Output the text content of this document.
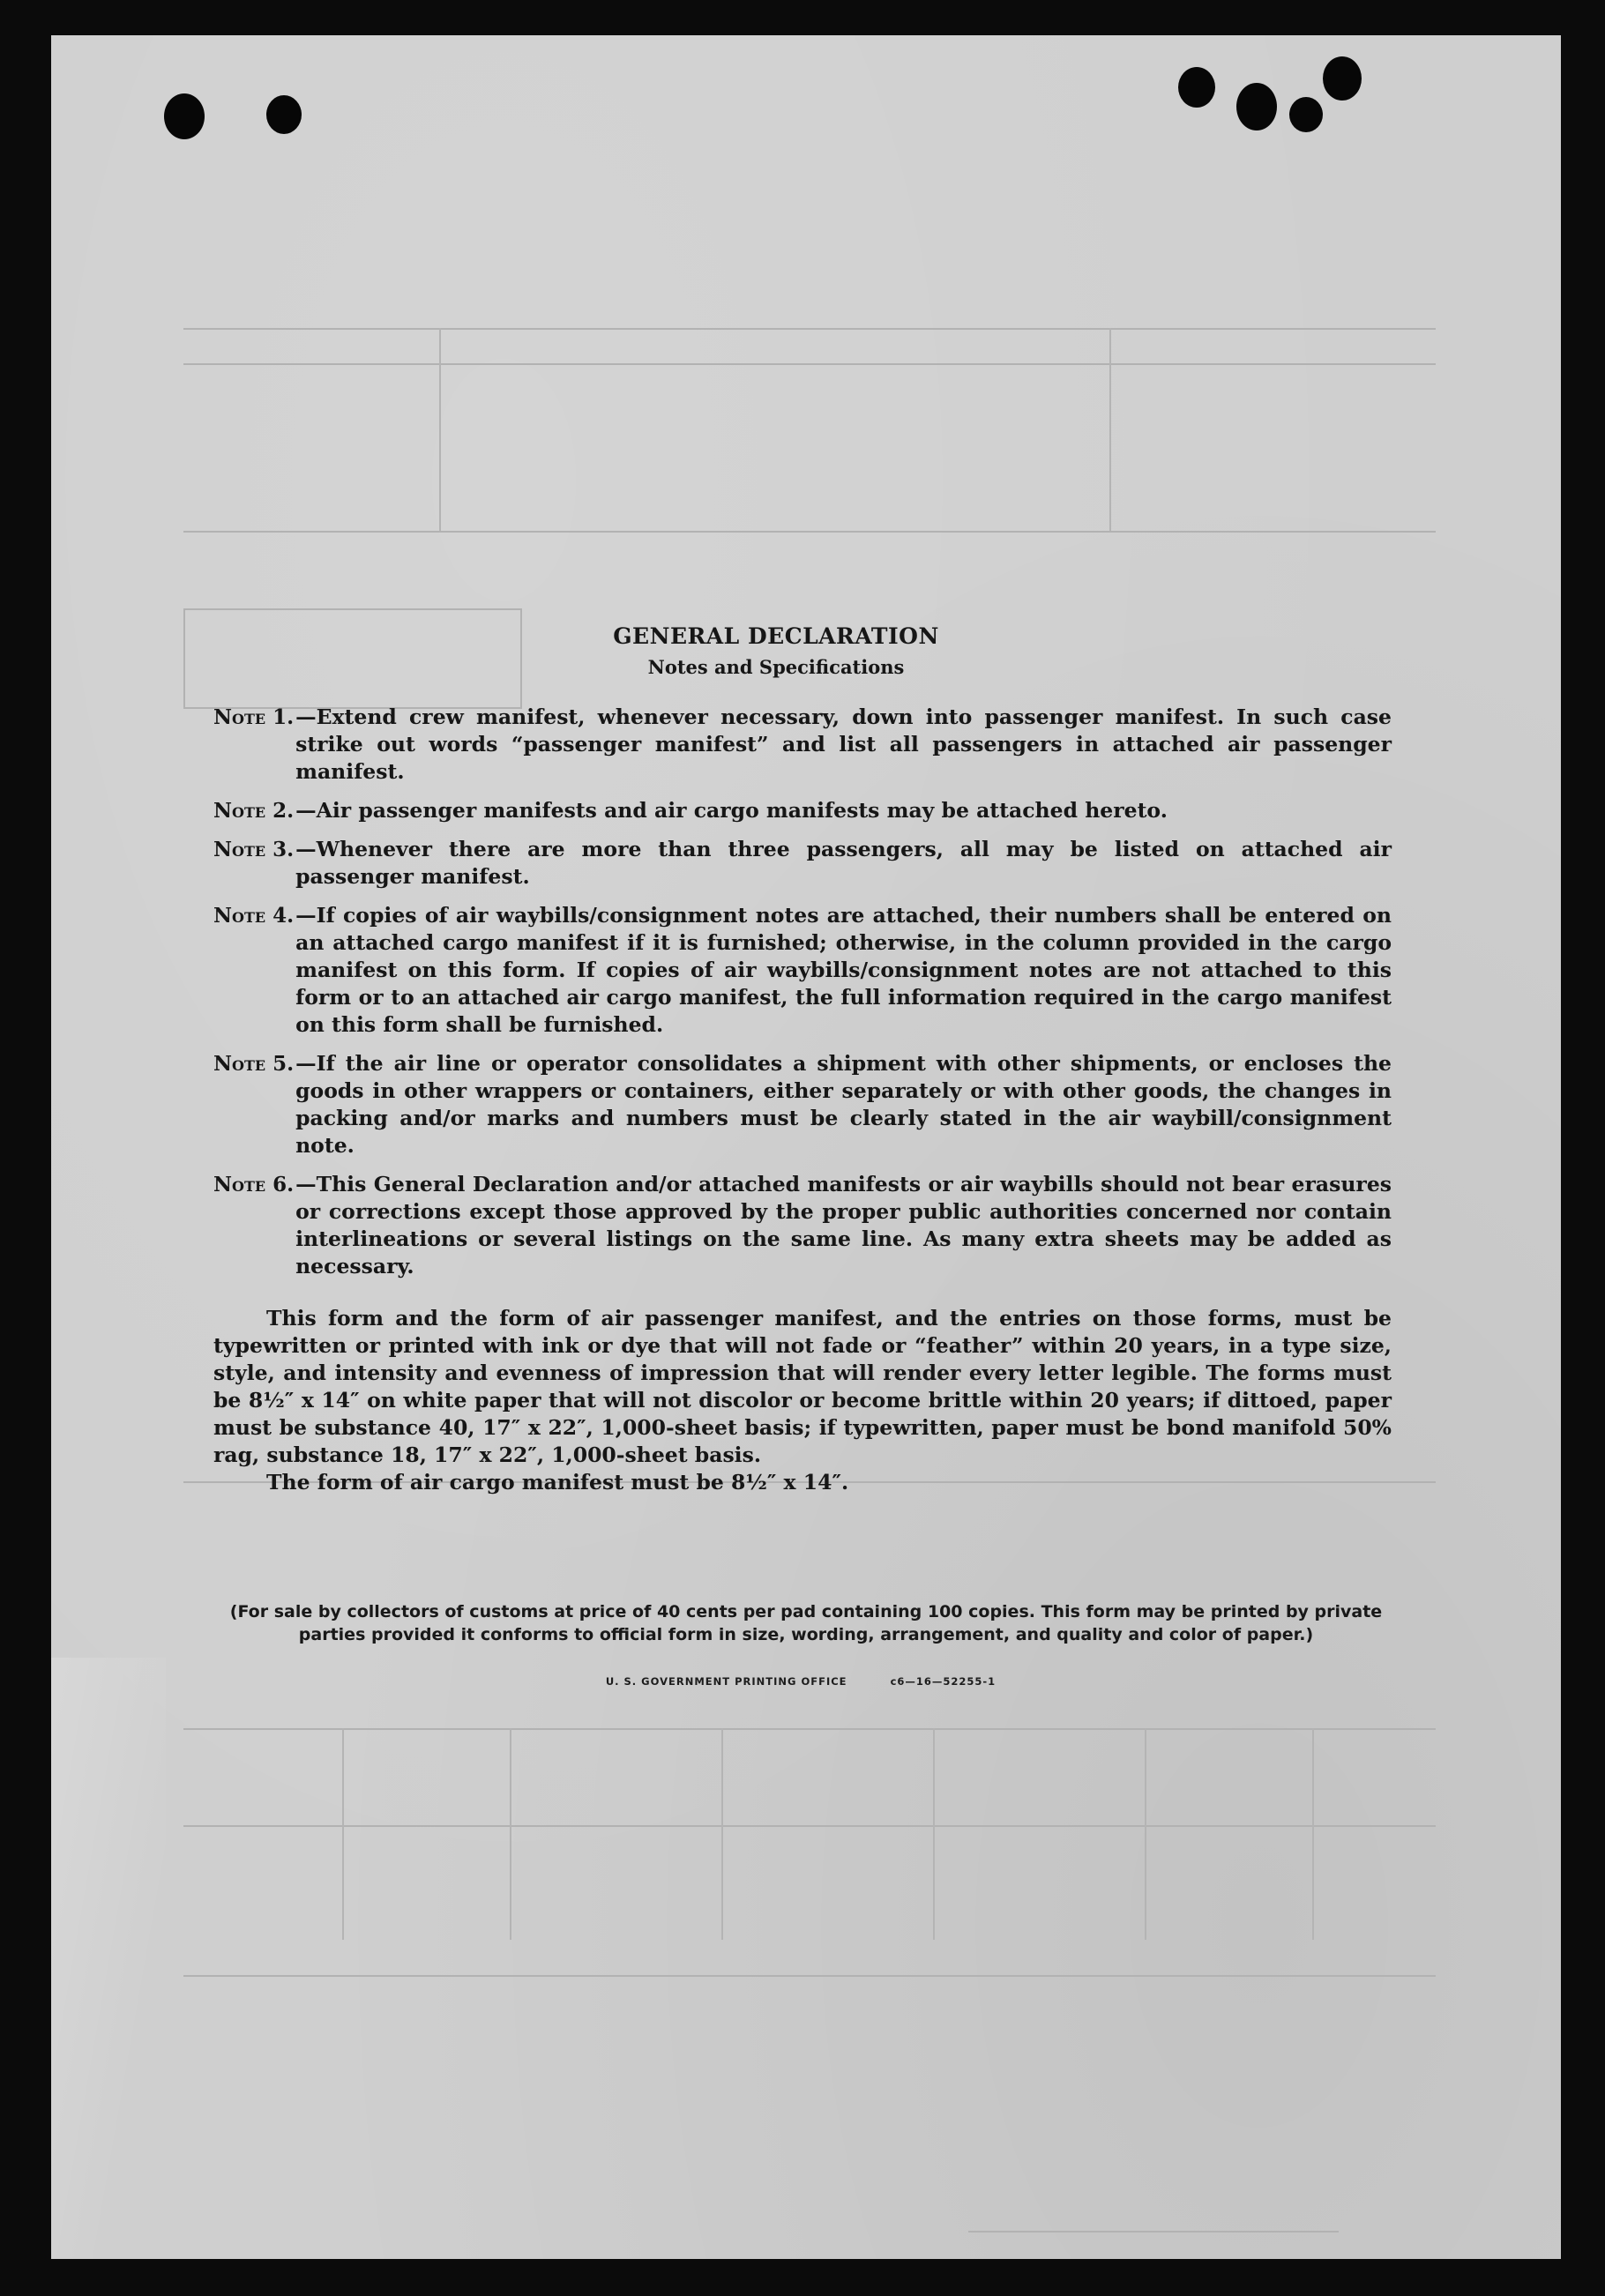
GENERAL DECLARATION
Notes and Specifications
Note 1. —Extend crew manifest, whenever necessary, down into passenger manifest. In such case strike out words “passenger manifest” and list all passengers in attached air passenger manifest.
Note 2. —Air passenger manifests and air cargo manifests may be attached hereto.
Note 3. —Whenever there are more than three passengers, all may be listed on attached air passenger manifest.
Note 4. —If copies of air waybills/consignment notes are attached, their numbers shall be entered on an attached cargo manifest if it is furnished; otherwise, in the column provided in the cargo manifest on this form. If copies of air waybills/consignment notes are not attached to this form or to an attached air cargo manifest, the full information required in the cargo manifest on this form shall be furnished.
Note 5. —If the air line or operator consolidates a shipment with other shipments, or encloses the goods in other wrappers or containers, either separately or with other goods, the changes in packing and/or marks and numbers must be clearly stated in the air waybill/consignment note.
Note 6. —This General Declaration and/or attached manifests or air waybills should not bear erasures or corrections except those approved by the proper public authorities concerned nor contain interlineations or several listings on the same line. As many extra sheets may be added as necessary.
This form and the form of air passenger manifest, and the entries on those forms, must be typewritten or printed with ink or dye that will not fade or “feather” within 20 years, in a type size, style, and intensity and evenness of impression that will render every letter legible. The forms must be 8½″ x 14″ on white paper that will not discolor or become brittle within 20 years; if dittoed, paper must be substance 40, 17″ x 22″, 1,000-sheet basis; if typewritten, paper must be bond manifold 50% rag, substance 18, 17″ x 22″, 1,000-sheet basis.
The form of air cargo manifest must be 8½″ x 14″.
(For sale by collectors of customs at price of 40 cents per pad containing 100 copies. This form may be printed by private parties provided it conforms to official form in size, wording, arrangement, and quality and color of paper.)
U. S. GOVERNMENT PRINTING OFFICE	c6—16—52255-1
